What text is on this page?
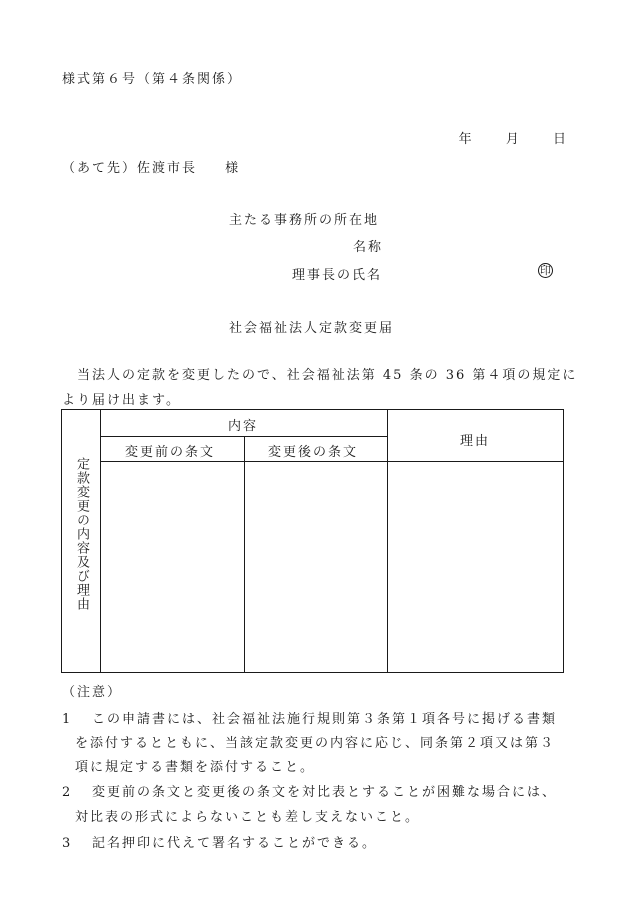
様式第６号（第４条関係）
年 月 日
（あて先）佐渡市長 様
主たる事務所の所在地
名称
理事長の氏名	印
社会福祉法人定款変更届
　当法人の定款を変更したので、社会福祉法第 45 条の 36 第４項の規定に
より届け出ます。
定款変更の内容及び理由
内容
変更前の条文	変更後の条文
理由
（注意）
1 この申請書には、社会福祉法施行規則第３条第１項各号に掲げる書類
を添付するとともに、当該定款変更の内容に応じ、同条第２項又は第３
項に規定する書類を添付すること。
2 変更前の条文と変更後の条文を対比表とすることが困難な場合には、
対比表の形式によらないことも差し支えないこと。
3 記名押印に代えて署名することができる。
